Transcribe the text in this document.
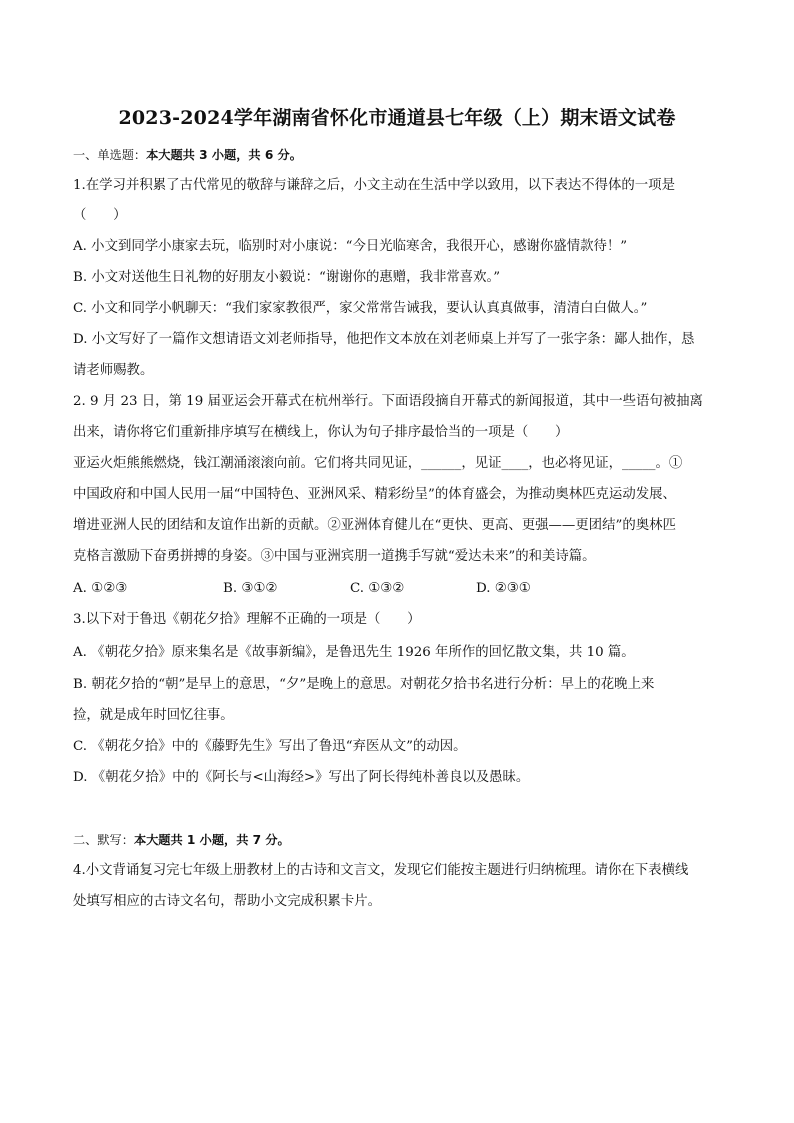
2023-2024学年湖南省怀化市通道县七年级（上）期末语文试卷
一、单选题：本大题共 3 小题，共 6 分。
1.在学习并积累了古代常见的敬辞与谦辞之后，小文主动在生活中学以致用，以下表达不得体的一项是
（　　）
A. 小文到同学小康家去玩，临别时对小康说：“今日光临寒舍，我很开心，感谢你盛情款待！”
B. 小文对送他生日礼物的好朋友小毅说：“谢谢你的惠赠，我非常喜欢。”
C. 小文和同学小帆聊天：“我们家家教很严，家父常常告诫我，要认认真真做事，清清白白做人。”
D. 小文写好了一篇作文想请语文刘老师指导，他把作文本放在刘老师桌上并写了一张字条：鄙人拙作，恳
请老师赐教。
2. 9 月 23 日，第 19 届亚运会开幕式在杭州举行。下面语段摘自开幕式的新闻报道，其中一些语句被抽离
出来，请你将它们重新排序填写在横线上，你认为句子排序最恰当的一项是（　　）
亚运火炬熊熊燃烧，钱江潮涌滚滚向前。它们将共同见证，______，见证____，也必将见证，_____。①
中国政府和中国人民用一届“中国特色、亚洲风采、精彩纷呈”的体育盛会，为推动奥林匹克运动发展、
增进亚洲人民的团结和友谊作出新的贡献。②亚洲体育健儿在“更快、更高、更强——更团结”的奥林匹
克格言激励下奋勇拼搏的身姿。③中国与亚洲宾朋一道携手写就“爱达未来”的和美诗篇。
A. ①②③	B. ③①②	C. ①③②	D. ②③①
3.以下对于鲁迅《朝花夕拾》理解不正确的一项是（　　）
A. 《朝花夕拾》原来集名是《故事新编》，是鲁迅先生 1926 年所作的回忆散文集，共 10 篇。
B. 朝花夕拾的“朝”是早上的意思，“夕”是晚上的意思。对朝花夕拾书名进行分析：早上的花晚上来
捡，就是成年时回忆往事。
C. 《朝花夕拾》中的《藤野先生》写出了鲁迅“弃医从文”的动因。
D. 《朝花夕拾》中的《阿长与<山海经>》写出了阿长得纯朴善良以及愚昧。
二、默写：本大题共 1 小题，共 7 分。
4.小文背诵复习完七年级上册教材上的古诗和文言文，发现它们能按主题进行归纳梳理。请你在下表横线
处填写相应的古诗文名句，帮助小文完成积累卡片。
